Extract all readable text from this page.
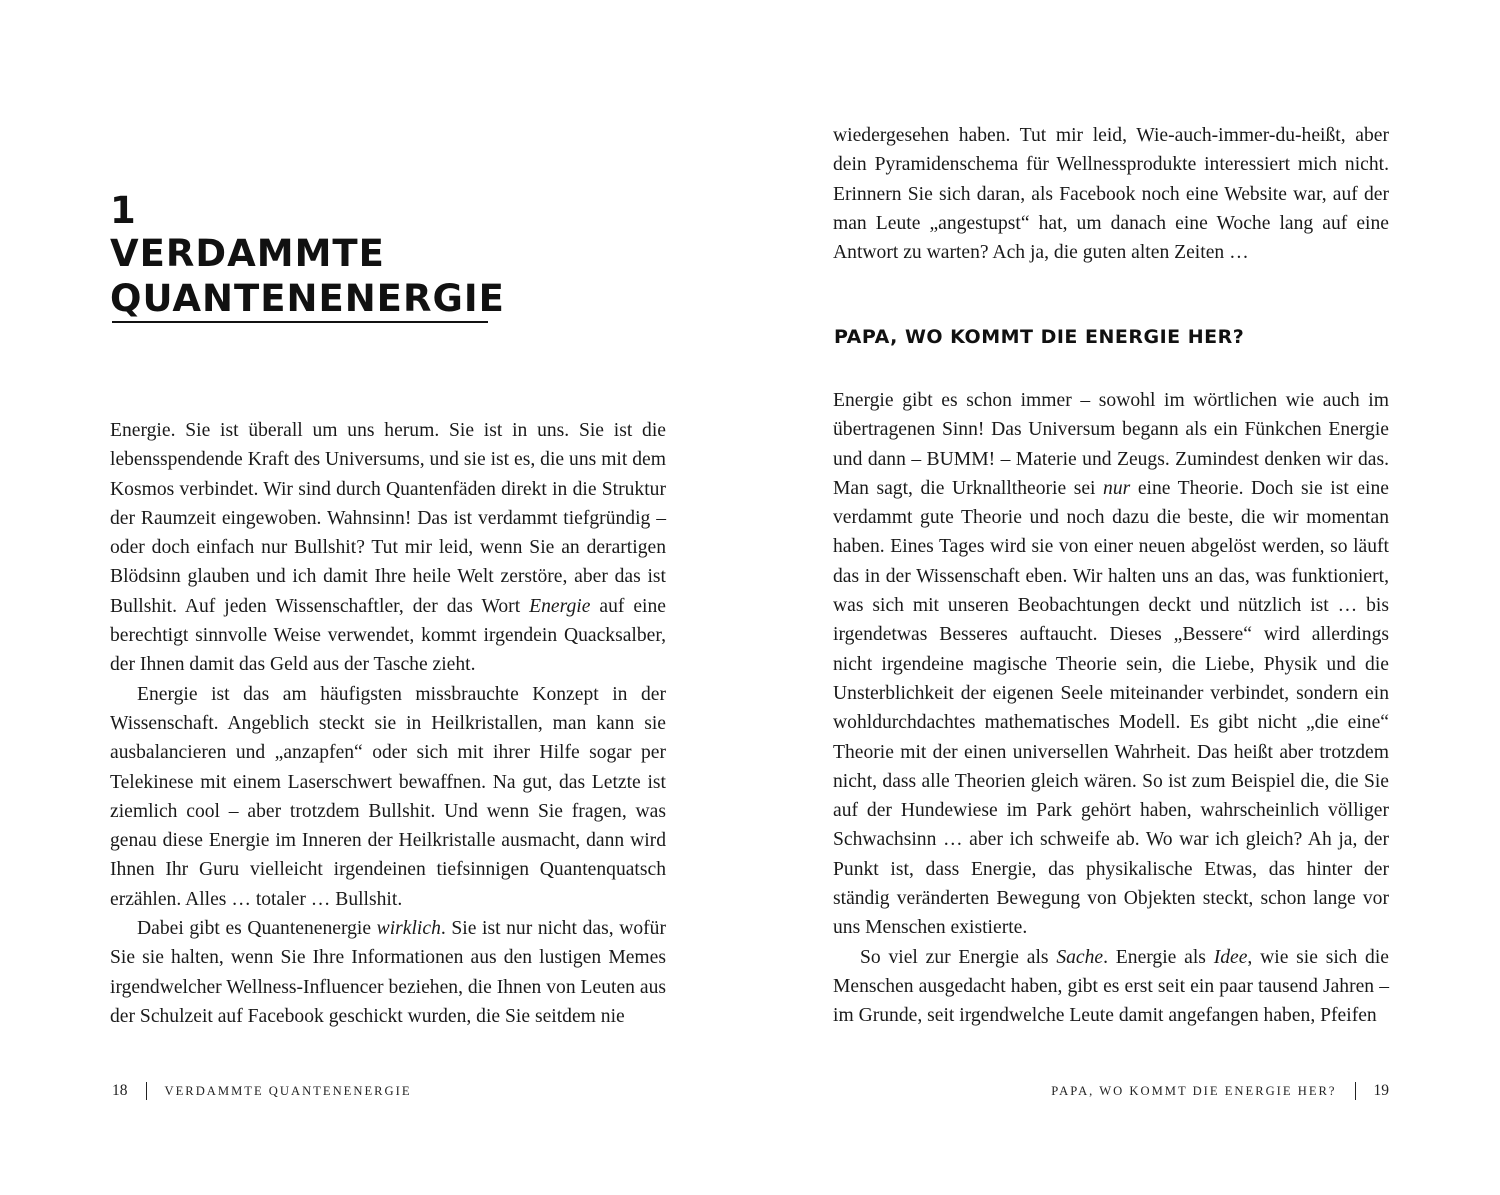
1
VERDAMMTE
QUANTENENERGIE

Energie. Sie ist überall um uns herum. Sie ist in uns. Sie ist die lebensspendende Kraft des Universums, und sie ist es, die uns mit dem Kosmos verbindet. Wir sind durch Quantenfäden direkt in die Struktur der Raumzeit eingewoben. Wahnsinn! Das ist verdammt tiefgründig – oder doch einfach nur Bullshit? Tut mir leid, wenn Sie an derartigen Blödsinn glauben und ich damit Ihre heile Welt zerstöre, aber das ist Bullshit. Auf jeden Wissenschaftler, der das Wort Energie auf eine berechtigt sinnvolle Weise verwendet, kommt irgendein Quacksalber, der Ihnen damit das Geld aus der Tasche zieht.

Energie ist das am häufigsten missbrauchte Konzept in der Wissenschaft. Angeblich steckt sie in Heilkristallen, man kann sie ausbalancieren und „anzapfen“ oder sich mit ihrer Hilfe sogar per Telekinese mit einem Laserschwert bewaffnen. Na gut, das Letzte ist ziemlich cool – aber trotzdem Bullshit. Und wenn Sie fragen, was genau diese Energie im Inneren der Heilkristalle ausmacht, dann wird Ihnen Ihr Guru vielleicht irgendeinen tiefsinnigen Quantenquatsch erzählen. Alles … totaler … Bullshit.

Dabei gibt es Quantenenergie wirklich. Sie ist nur nicht das, wofür Sie sie halten, wenn Sie Ihre Informationen aus den lustigen Memes irgendwelcher Wellness-Influencer beziehen, die Ihnen von Leuten aus der Schulzeit auf Facebook geschickt wurden, die Sie seitdem nie

18	VERDAMMTE QUANTENENERGIE

wiedergesehen haben. Tut mir leid, Wie-auch-immer-du-heißt, aber dein Pyramidenschema für Wellnessprodukte interessiert mich nicht. Erinnern Sie sich daran, als Facebook noch eine Website war, auf der man Leute „angestupst“ hat, um danach eine Woche lang auf eine Antwort zu warten? Ach ja, die guten alten Zeiten …

PAPA, WO KOMMT DIE ENERGIE HER?

Energie gibt es schon immer – sowohl im wörtlichen wie auch im übertragenen Sinn! Das Universum begann als ein Fünkchen Energie und dann – BUMM! – Materie und Zeugs. Zumindest denken wir das. Man sagt, die Urknalltheorie sei nur eine Theorie. Doch sie ist eine verdammt gute Theorie und noch dazu die beste, die wir momentan haben. Eines Tages wird sie von einer neuen abgelöst werden, so läuft das in der Wissenschaft eben. Wir halten uns an das, was funktioniert, was sich mit unseren Beobachtungen deckt und nützlich ist … bis irgendetwas Besseres auftaucht. Dieses „Bessere“ wird allerdings nicht irgendeine magische Theorie sein, die Liebe, Physik und die Unsterblichkeit der eigenen Seele miteinander verbindet, sondern ein wohldurchdachtes mathematisches Modell. Es gibt nicht „die eine“ Theorie mit der einen universellen Wahrheit. Das heißt aber trotzdem nicht, dass alle Theorien gleich wären. So ist zum Beispiel die, die Sie auf der Hundewiese im Park gehört haben, wahrscheinlich völliger Schwachsinn … aber ich schweife ab. Wo war ich gleich? Ah ja, der Punkt ist, dass Energie, das physikalische Etwas, das hinter der ständig veränderten Bewegung von Objekten steckt, schon lange vor uns Menschen existierte.

So viel zur Energie als Sache. Energie als Idee, wie sie sich die Menschen ausgedacht haben, gibt es erst seit ein paar tausend Jahren – im Grunde, seit irgendwelche Leute damit angefangen haben, Pfeifen

PAPA, WO KOMMT DIE ENERGIE HER? 19
